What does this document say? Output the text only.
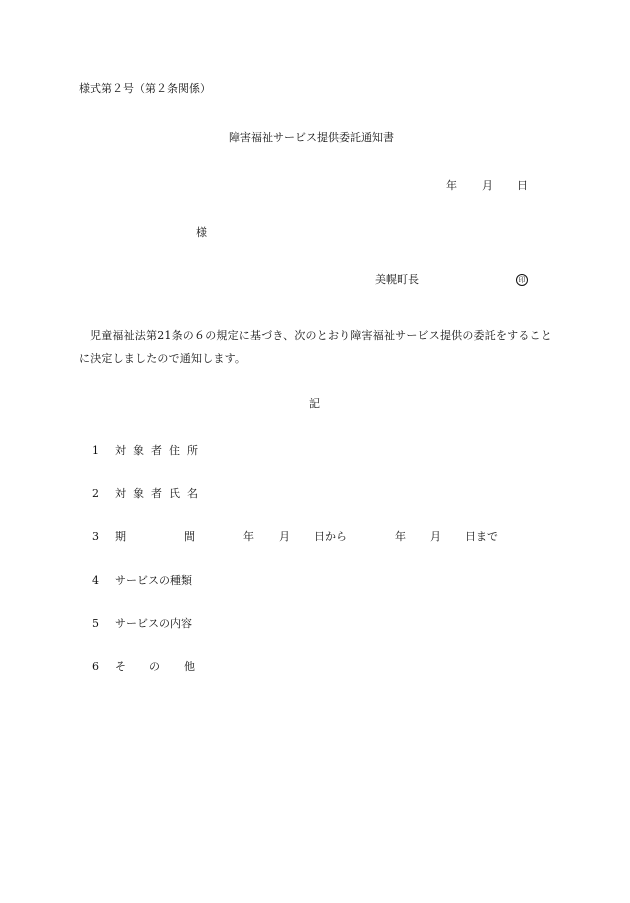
様式第２号（第２条関係）
障害福祉サービス提供委託通知書
年 月 日
様
美幌町長	印
児童福祉法第21条の６の規定に基づき、次のとおり障害福祉サービス提供の委託をすることに決定しましたので通知します。
記
1 対象者住所
2 対象者氏名
3 期	間	年 月 日から	年 月 日まで
4 サービスの種類
5 サービスの内容
6 そ の 他
